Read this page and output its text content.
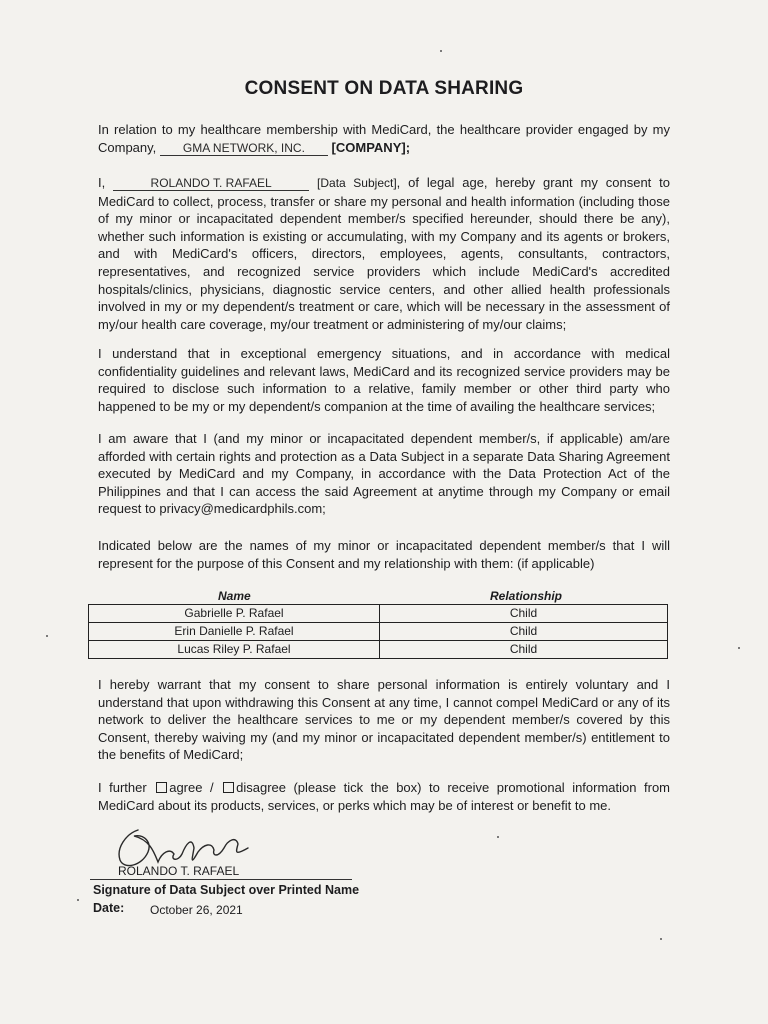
CONSENT ON DATA SHARING
In relation to my healthcare membership with MediCard, the healthcare provider engaged by my Company, GMA NETWORK, INC. [COMPANY];
I,	ROLANDO T. RAFAEL	[Data Subject], of legal age, hereby grant my consent to MediCard to collect, process, transfer or share my personal and health information (including those of my minor or incapacitated dependent member/s specified hereunder, should there be any), whether such information is existing or accumulating, with my Company and its agents or brokers, and with MediCard's officers, directors, employees, agents, consultants, contractors, representatives, and recognized service providers which include MediCard's accredited hospitals/clinics, physicians, diagnostic service centers, and other allied health professionals involved in my or my dependent/s treatment or care, which will be necessary in the assessment of my/our health care coverage, my/our treatment or administering of my/our claims;
I understand that in exceptional emergency situations, and in accordance with medical confidentiality guidelines and relevant laws, MediCard and its recognized service providers may be required to disclose such information to a relative, family member or other third party who happened to be my or my dependent/s companion at the time of availing the healthcare services;
I am aware that I (and my minor or incapacitated dependent member/s, if applicable) am/are afforded with certain rights and protection as a Data Subject in a separate Data Sharing Agreement executed by MediCard and my Company, in accordance with the Data Protection Act of the Philippines and that I can access the said Agreement at anytime through my Company or email request to privacy@medicardphils.com;
Indicated below are the names of my minor or incapacitated dependent member/s that I will represent for the purpose of this Consent and my relationship with them: (if applicable)
Name	Relationship
Gabrielle P. Rafael	Child
Erin Danielle P. Rafael	Child
Lucas Riley P. Rafael	Child
I hereby warrant that my consent to share personal information is entirely voluntary and I understand that upon withdrawing this Consent at any time, I cannot compel MediCard or any of its network to deliver the healthcare services to me or my dependent member/s covered by this Consent, thereby waiving my (and my minor or incapacitated dependent member/s) entitlement to the benefits of MediCard;
I further agree / disagree (please tick the box) to receive promotional information from MediCard about its products, services, or perks which may be of interest or benefit to me.
ROLANDO T. RAFAEL
Signature of Data Subject over Printed Name
Date: October 26, 2021
